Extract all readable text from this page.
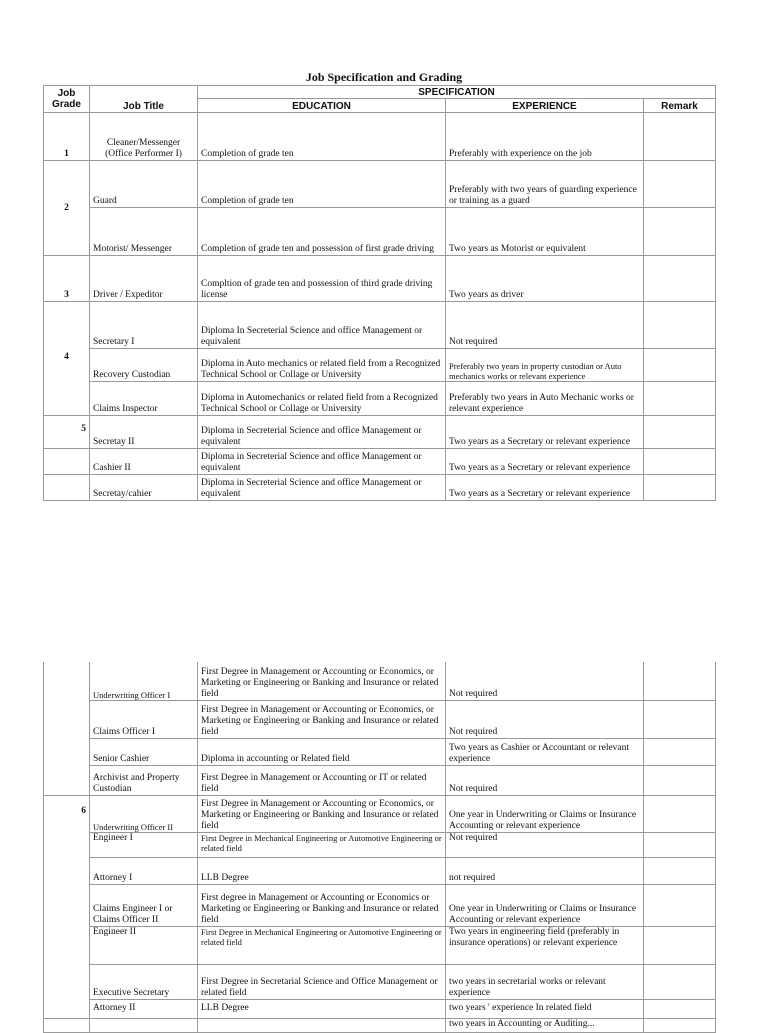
Job Specification and Grading
Job Grade	Job Title	SPECIFICATION		
		EDUCATION	EXPERIENCE	Remark
1	Cleaner/Messenger (Office Performer I)	Completion of grade ten	Preferably with experience on the job	
2	Guard	Completion of grade ten	Preferably with two years of guarding experience or training as a guard	
	Motorist/ Messenger	Completion of grade ten and possession of first grade driving	Two years as Motorist or equivalent	
3	Driver / Expeditor	Compltion of grade ten and possession of third grade driving license	Two years as driver	
4	Secretary I	Diploma In Secreterial Science and office Management or equivalent	Not required	
	Recovery Custodian	Diploma in Auto mechanics or related field from a Recognized Technical School or Collage or University	Preferably two years in property custodian or Auto mechanics works or relevant experience	
	Claims Inspector	Diploma in Automechanics or related field from a Recognized Technical School or Collage or University	Preferably two years in Auto Mechanic works or relevant experience	
5	Secretay II	Diploma in Secreterial Science and office Management or equivalent	Two years as a Secretary or relevant experience	
	Cashier II	Diploma in Secreterial Science and office Management or equivalent	Two years as a Secretary or relevant experience	
	Secretay/cahier	Diploma in Secreterial Science and office Management or equivalent	Two years as a Secretary or relevant experience	
	Underwriting Officer I	First Degree in Management or Accounting or Economics, or Marketing or Engineering or Banking and Insurance or related field	Not required	
	Claims Officer I	First Degree in Management or Accounting or Economics, or Marketing or Engineering or Banking and Insurance or related field	Not required	
	Senior Cashier	Diploma in accounting or Related field	Two years as Cashier or Accountant or relevant experience	
	Archivist and Property Custodian	First Degree in Management or Accounting or IT or related field	Not required	
6	Underwriting Officer II	First Degree in Management or Accounting or Economics, or Marketing or Engineering or Banking and Insurance or related field	One year in Underwriting or Claims or Insurance Accounting or relevant experience	
	Engineer I	First Degree in Mechanical Engineering or Automotive Engineering or related field	Not required	
	Attorney I	LLB Degree	not required	
	Claims Engineer I or Claims Officer II	First degree in Management or Accounting or Economics or Marketing or Engineering or Banking and Insurance or related field	One year in Underwriting or Claims or Insurance Accounting or relevant experience	
	Engineer II	First Degree in Mechanical Engineering or Automotive Engineering or related field	Two years in engineering field (preferably in insurance operations) or relevant experience	
	Executive Secretary	First Degree in Secretarial Science and Office Management or related field	two years in secretarial works or relevant experience	
	Attorney II	LLB Degree	two years ' experience In related field	
			two years in Accounting or Auditing...	
